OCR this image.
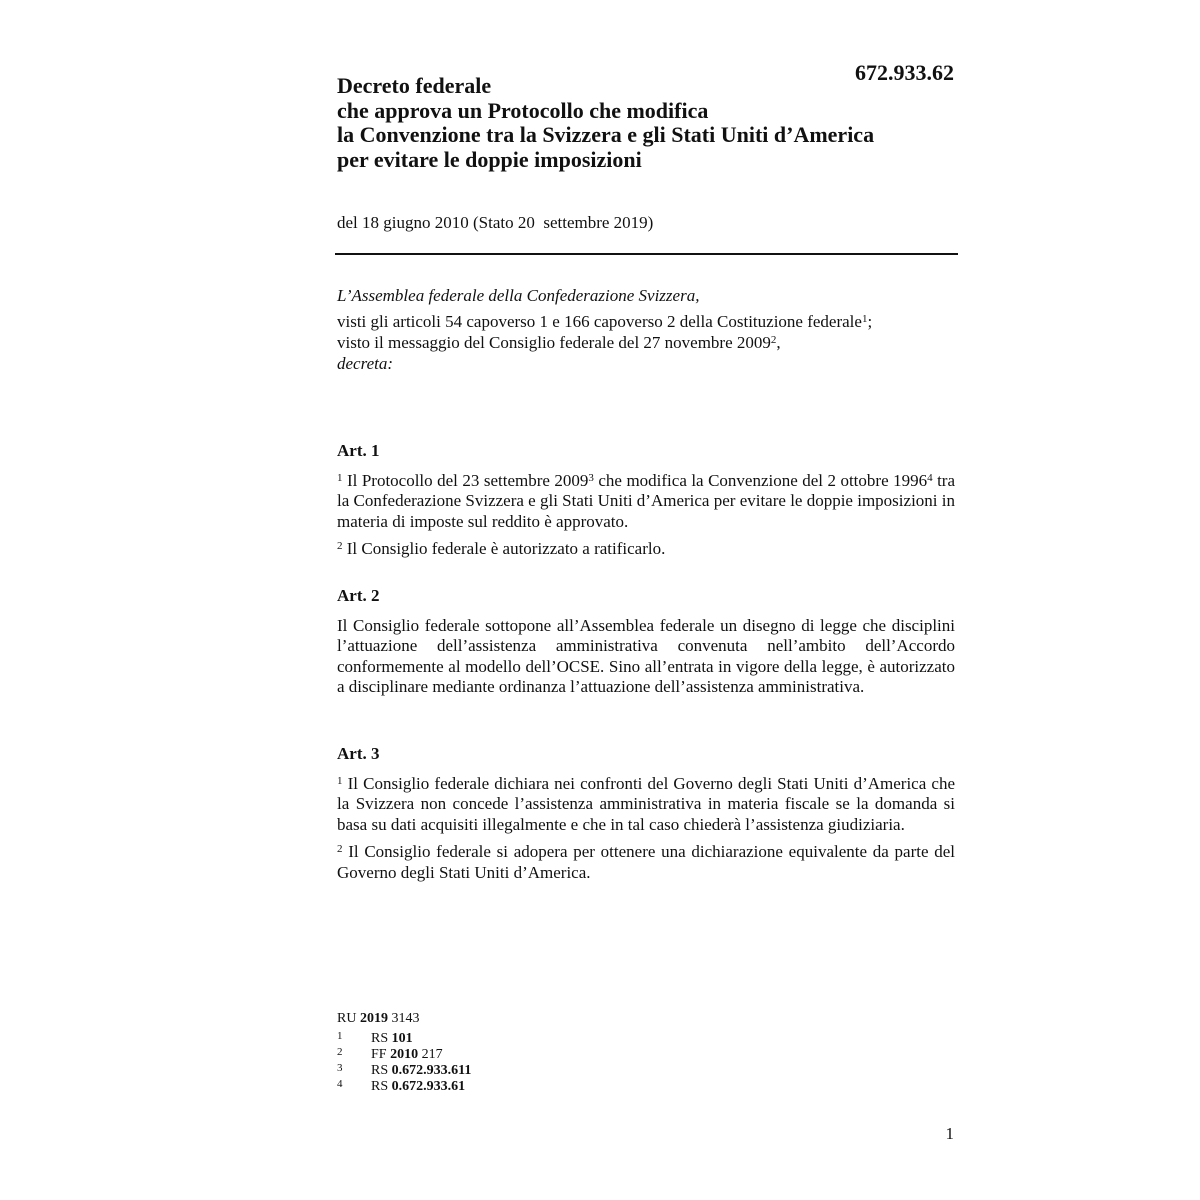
672.933.62
Decreto federale
che approva un Protocollo che modifica
la Convenzione tra la Svizzera e gli Stati Uniti d’America
per evitare le doppie imposizioni
del 18 giugno 2010 (Stato 20  settembre 2019)
L’Assemblea federale della Confederazione Svizzera,
visti gli articoli 54 capoverso 1 e 166 capoverso 2 della Costituzione federale$^1$;
visto il messaggio del Consiglio federale del 27 novembre 2009$^2$,
decreta:
Art. 1

$^1$ Il Protocollo del 23 settembre 2009$^3$ che modifica la Convenzione del 2 ottobre 1996$^4$ tra la Confederazione Svizzera e gli Stati Uniti d’America per evitare le doppie imposizioni in materia di imposte sul reddito è approvato.

$^2$ Il Consiglio federale è autorizzato a ratificarlo.

Art. 2

Il Consiglio federale sottopone all’Assemblea federale un disegno di legge che disciplini l’attuazione dell’assistenza amministrativa convenuta nell’ambito dell’Accordo conformemente al modello dell’OCSE. Sino all’entrata in vigore della legge, è autorizzato a disciplinare mediante ordinanza l’attuazione dell’assistenza amministrativa.

Art. 3

$^1$ Il Consiglio federale dichiara nei confronti del Governo degli Stati Uniti d’America che la Svizzera non concede l’assistenza amministrativa in materia fiscale se la domanda si basa su dati acquisiti illegalmente e che in tal caso chiederà l’assistenza giudiziaria.

$^2$ Il Consiglio federale si adopera per ottenere una dichiarazione equivalente da parte del Governo degli Stati Uniti d’America.

RU 2019 3143
1 RS 101
2 FF 2010 217
3 RS 0.672.933.611
4 RS 0.672.933.61
1
